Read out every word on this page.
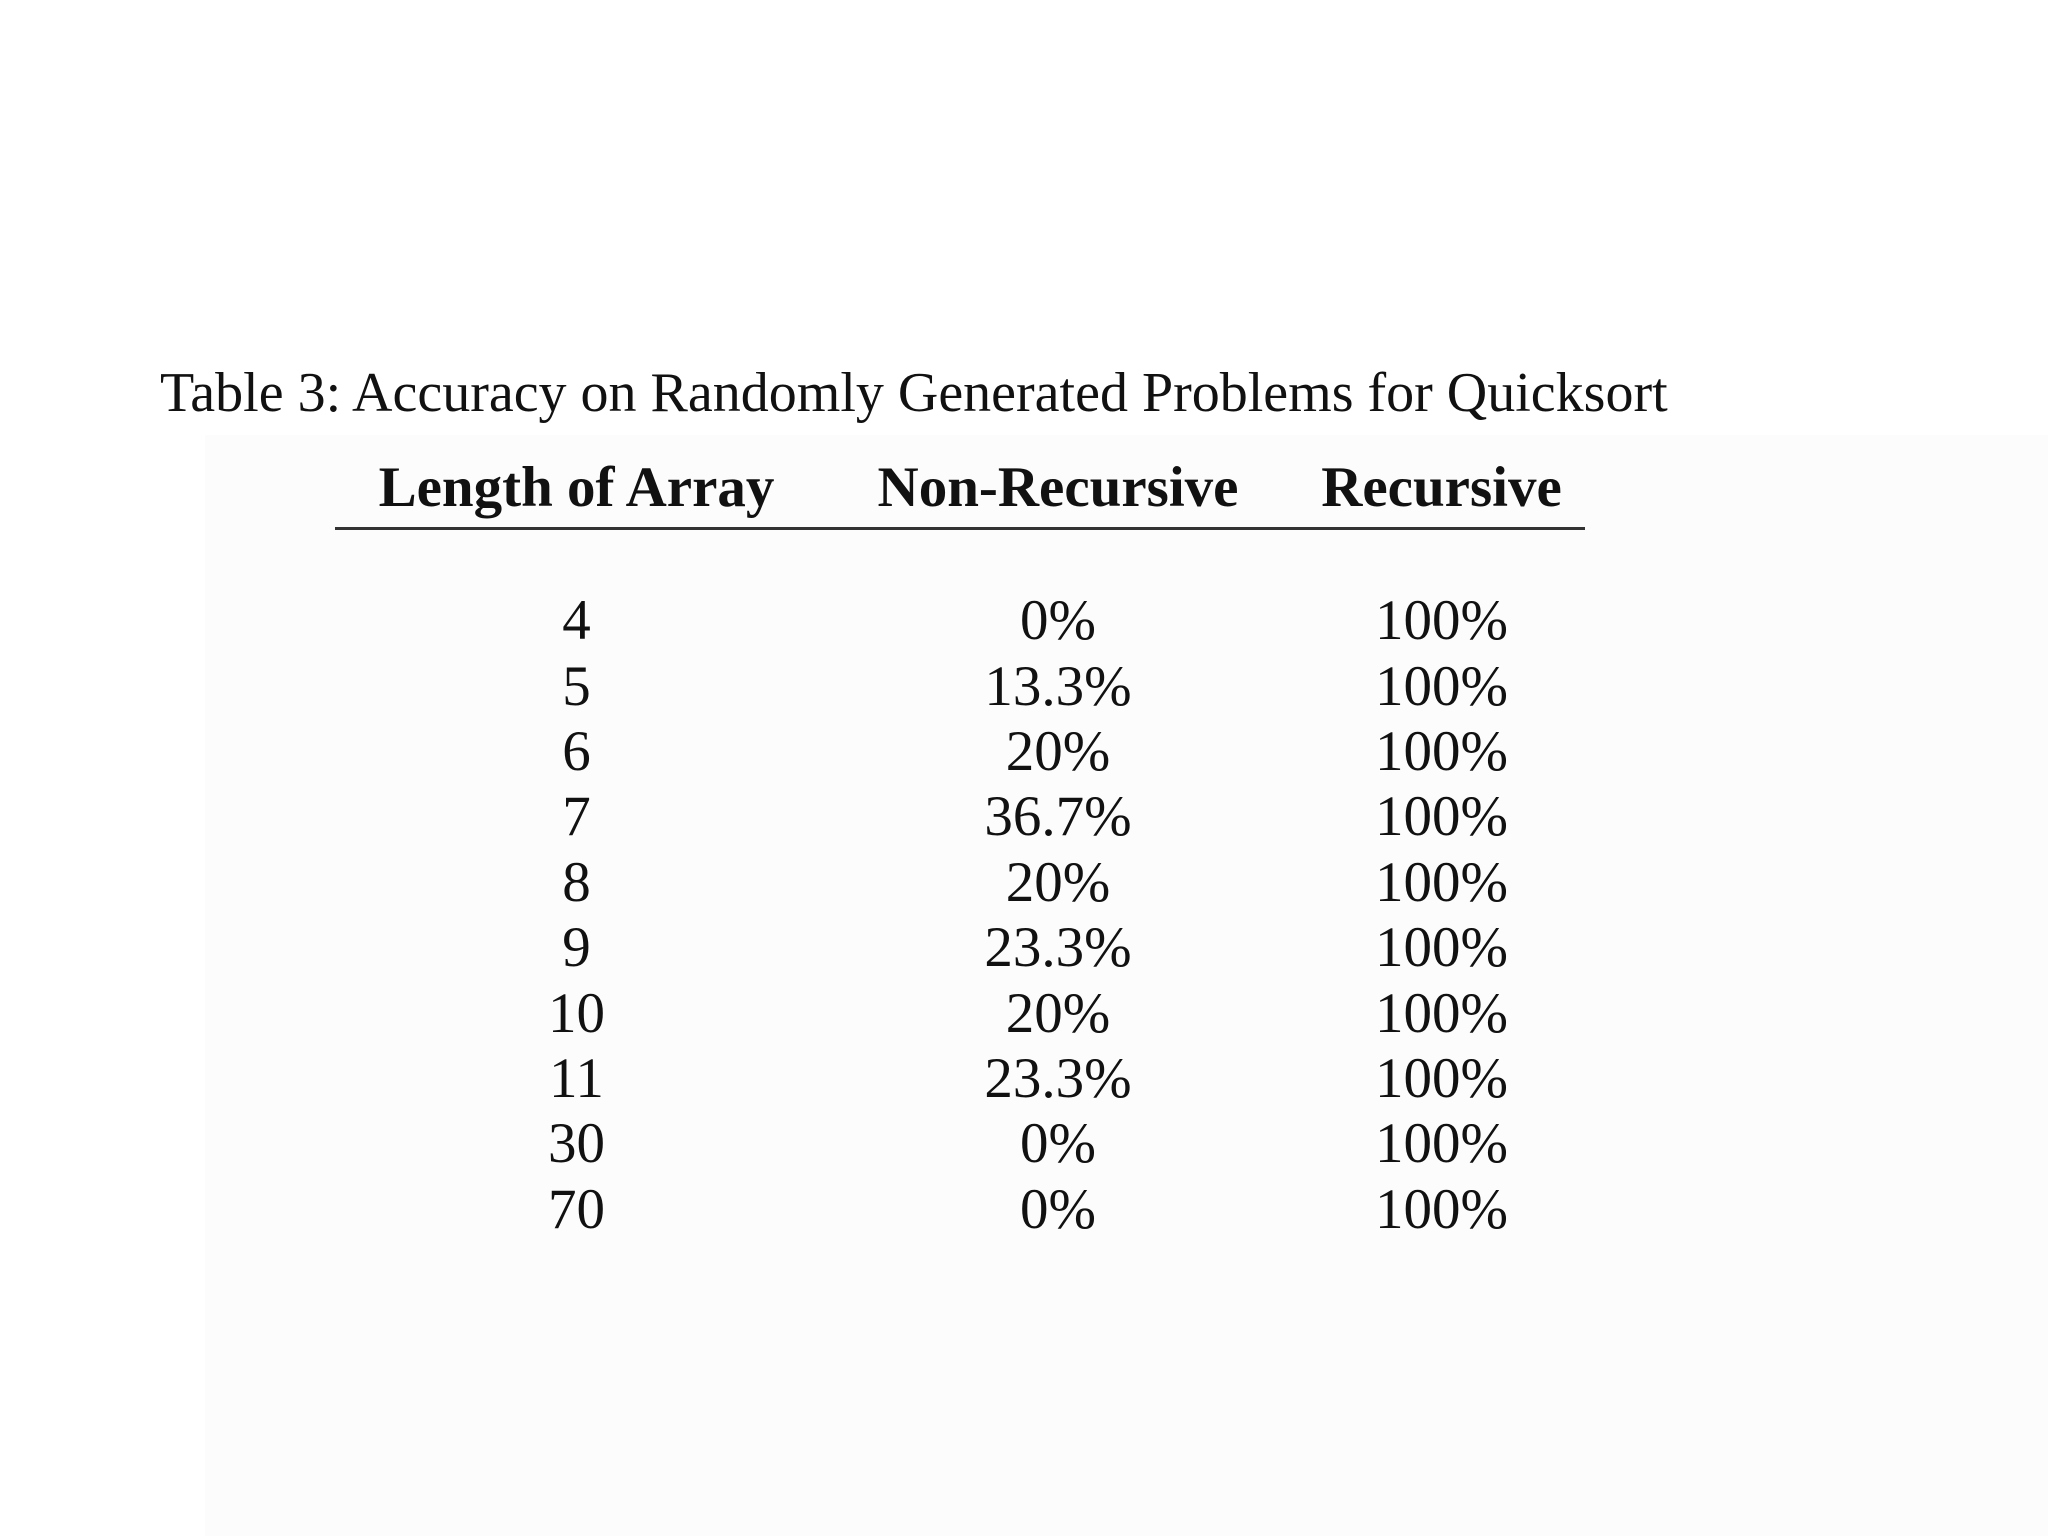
Table 3: Accuracy on Randomly Generated Problems for Quicksort
Length of Array	Non-Recursive	Recursive
4	0%	100%
5	13.3%	100%
6	20%	100%
7	36.7%	100%
8	20%	100%
9	23.3%	100%
10	20%	100%
11	23.3%	100%
30	0%	100%
70	0%	100%
